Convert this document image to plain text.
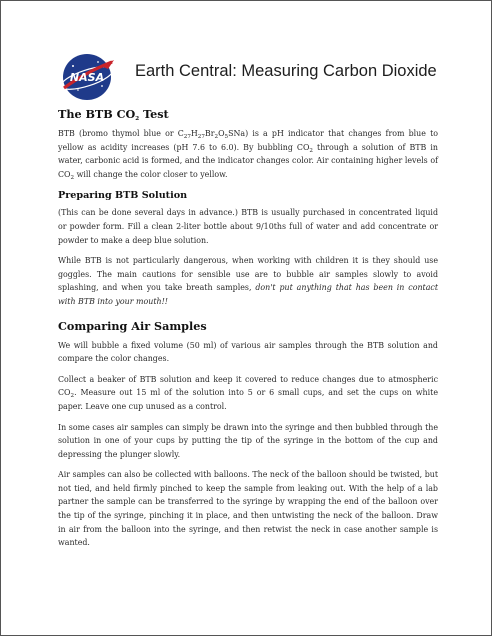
NASA Earth Central: Measuring Carbon Dioxide
The BTB $CO_2$ Test

BTB (bromo thymol blue or $C_{27}H_{27}Br_2O_5SNa$) is a pH indicator that changes from blue to yellow as acidity increases (pH 7.6 to 6.0). By bubbling $CO_2$ through a solution of BTB in water, carbonic acid is formed, and the indicator changes color. Air containing higher levels of $CO_2$ will change the color closer to yellow.

Preparing BTB Solution

(This can be done several days in advance.) BTB is usually purchased in concentrated liquid or powder form. Fill a clean 2-liter bottle about 9/10ths full of water and add concentrate or powder to make a deep blue solution.

While BTB is not particularly dangerous, when working with children it is they should use goggles. The main cautions for sensible use are to bubble air samples slowly to avoid splashing, and when you take breath samples, don't put anything that has been in contact with BTB into your mouth!!

Comparing Air Samples

We will bubble a fixed volume (50 ml) of various air samples through the BTB solution and compare the color changes.

Collect a beaker of BTB solution and keep it covered to reduce changes due to atmospheric $CO_2$. Measure out 15 ml of the solution into 5 or 6 small cups, and set the cups on white paper. Leave one cup unused as a control.

In some cases air samples can simply be drawn into the syringe and then bubbled through the solution in one of your cups by putting the tip of the syringe in the bottom of the cup and depressing the plunger slowly.

Air samples can also be collected with balloons. The neck of the balloon should be twisted, but not tied, and held firmly pinched to keep the sample from leaking out. With the help of a lab partner the sample can be transferred to the syringe by wrapping the end of the balloon over the tip of the syringe, pinching it in place, and then untwisting the neck of the balloon. Draw in air from the balloon into the syringe, and then retwist the neck in case another sample is wanted.
